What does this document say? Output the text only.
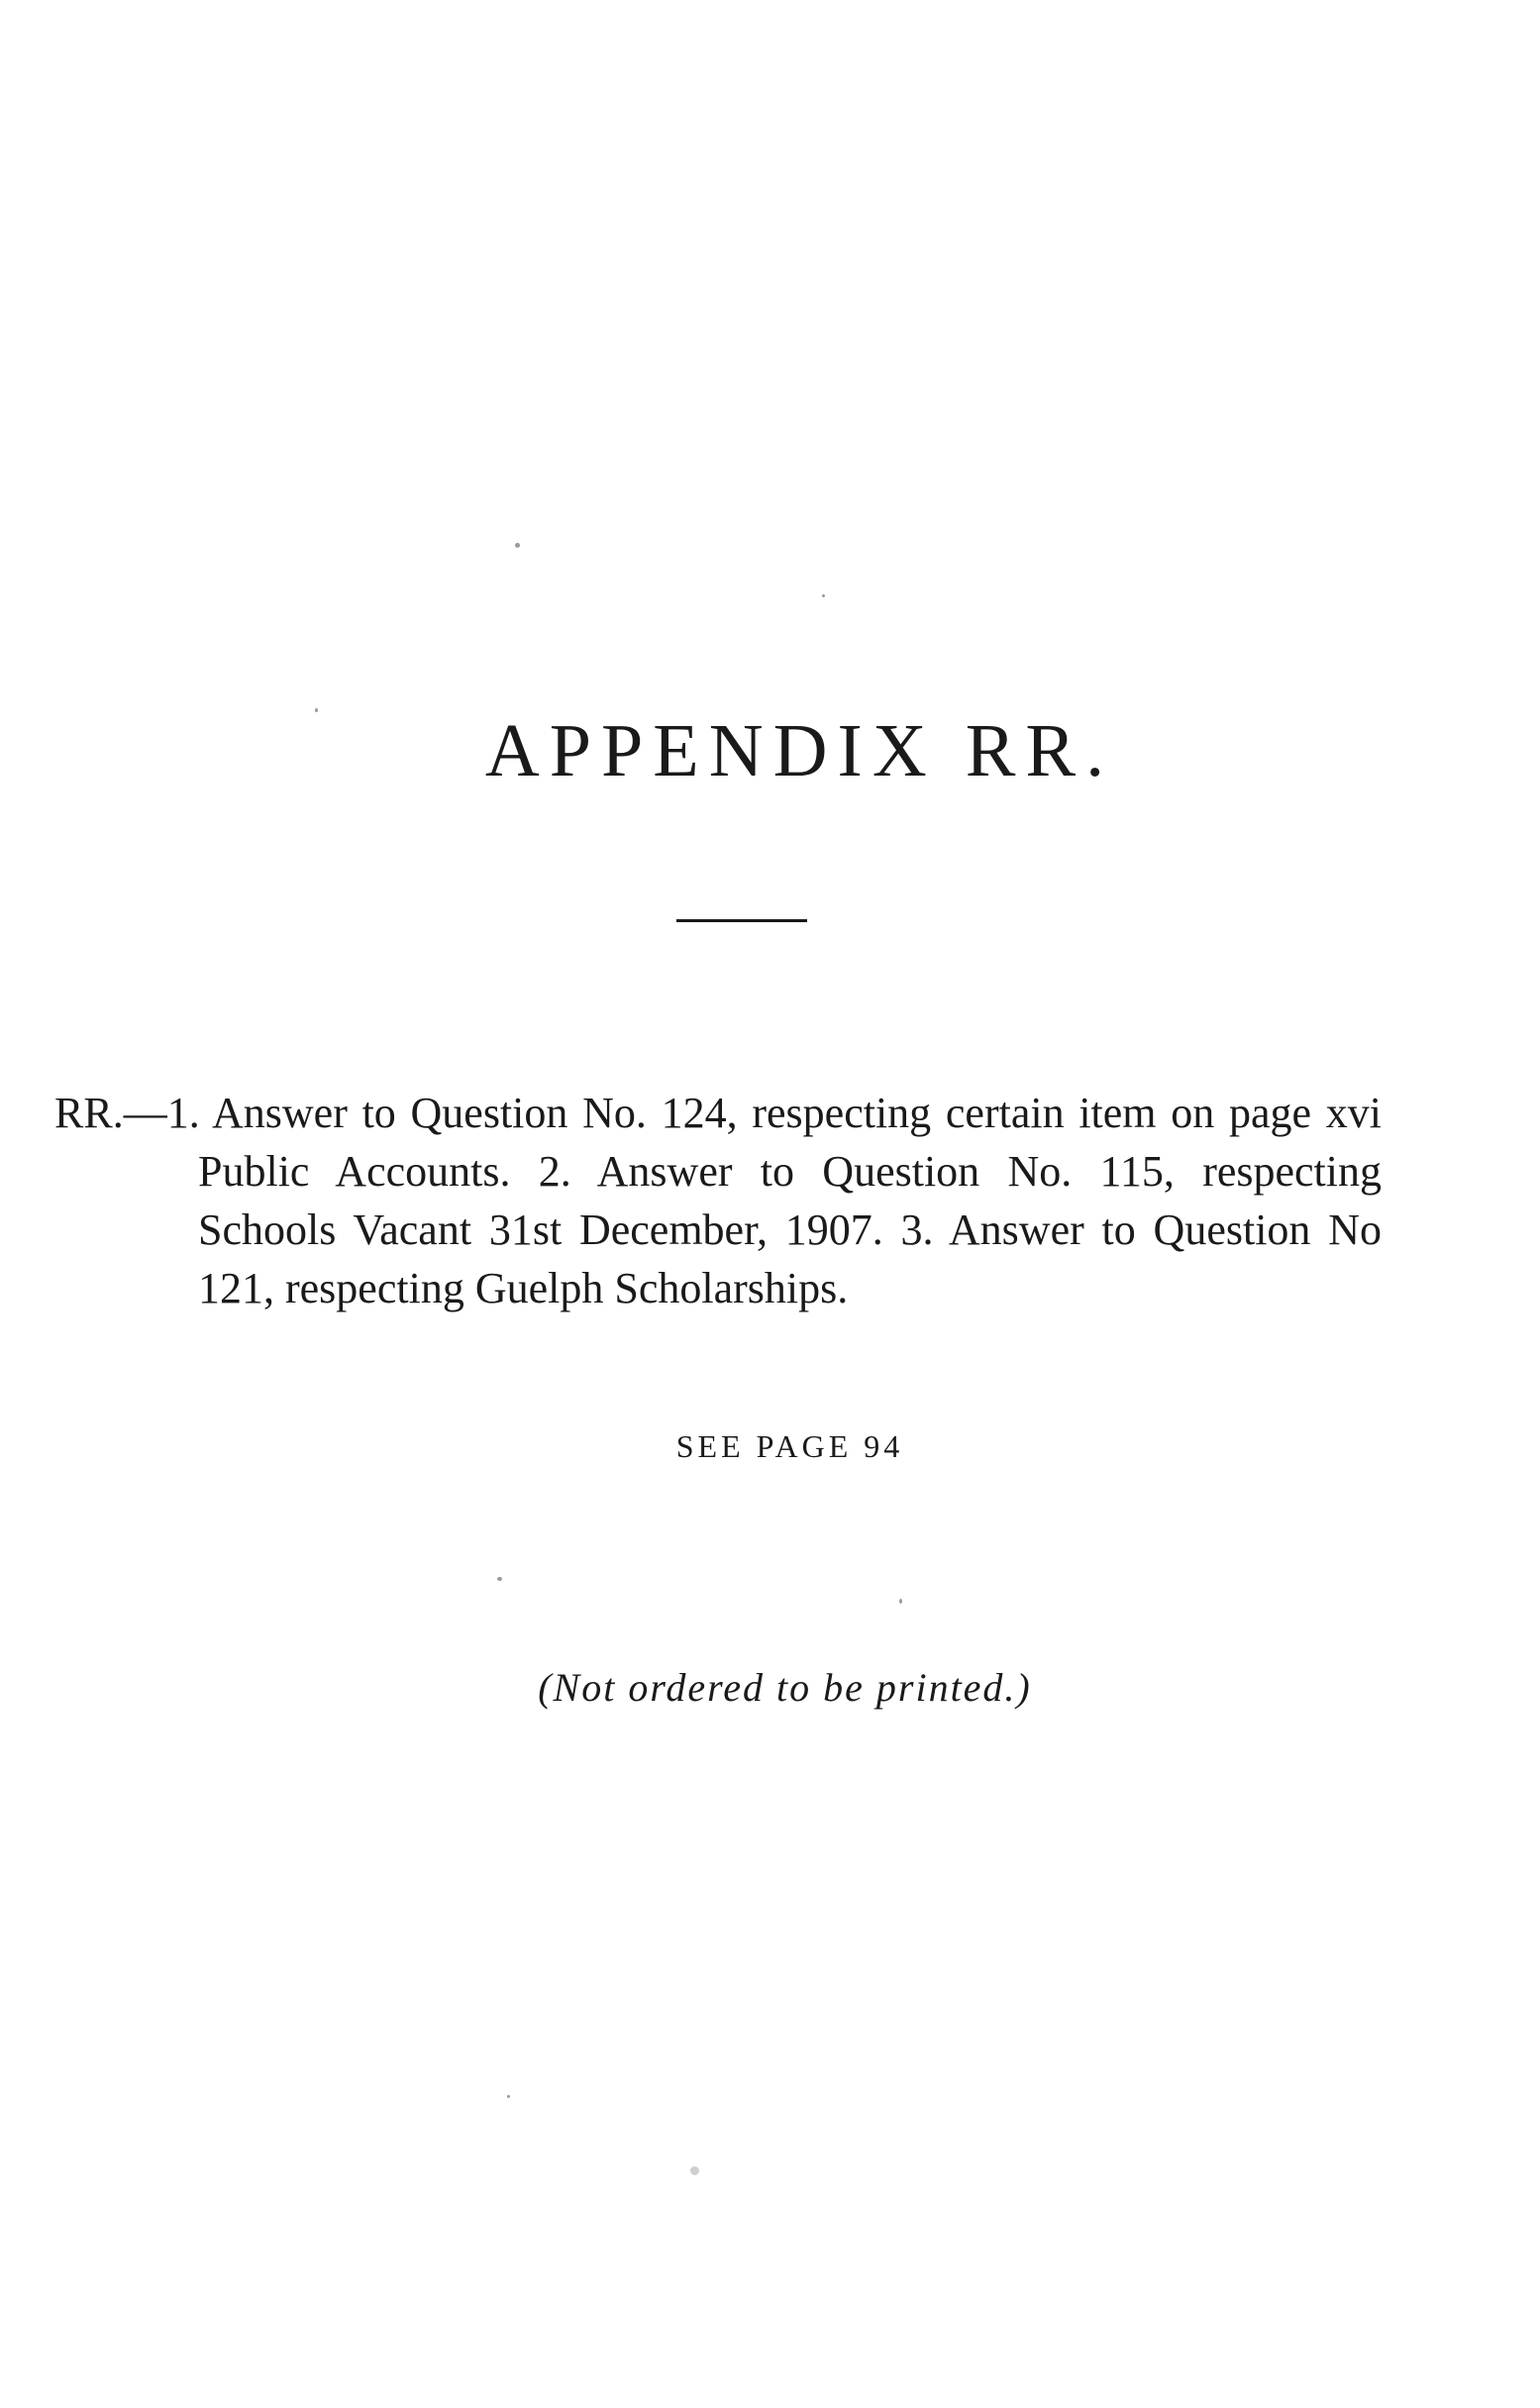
APPENDIX RR.

RR.—1. Answer to Question No. 124, respecting certain item on page xvi Public Accounts. 2. Answer to Question No. 115, respecting Schools Vacant 31st December, 1907. 3. Answer to Question No 121, respecting Guelph Scholarships.

SEE PAGE 94
(Not ordered to be printed.)
